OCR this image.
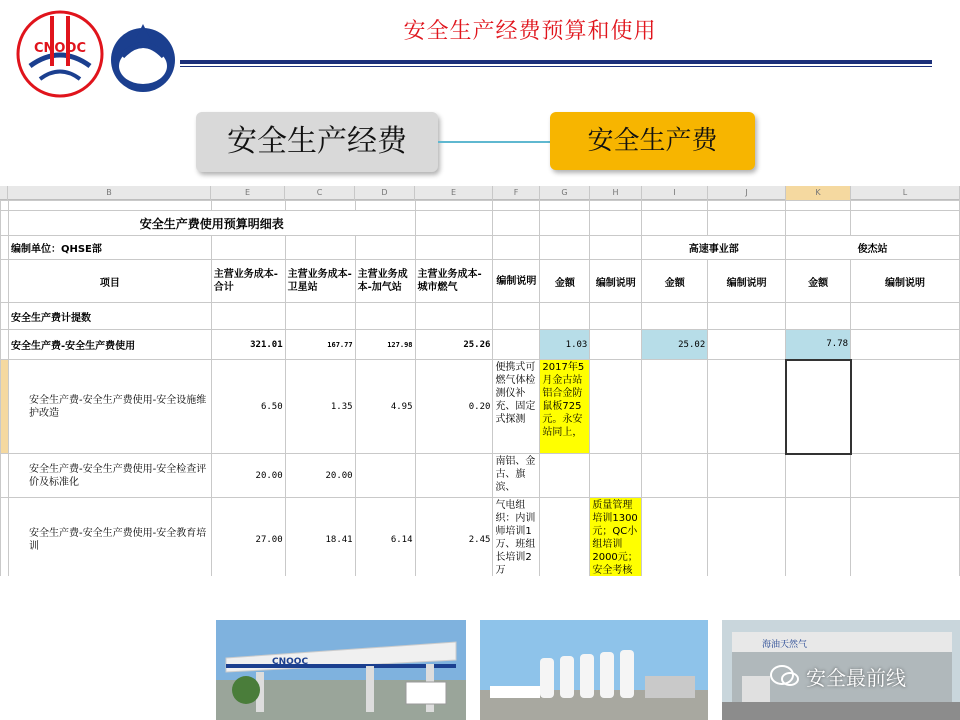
CNOOC
安全生产经费预算和使用
安全生产经费	安全生产费
B	E	C	D	E	F	G	H	I	J	K	L

	安全生产费使用预算明细表											
	编制单位：QHSE部								高速事业部		俊杰站	
	项目	主营业务成本-合计	主营业务成本-卫星站	主营业务成本-加气站	主营业务成本-城市燃气	编制说明	金额	编制说明	金额	编制说明	金额	编制说明
	安全生产费计提数											
	安全生产费-安全生产费使用	321.01	167.77	127.98	25.26		1.03		25.02		7.78	
	安全生产费-安全生产费使用-安全设施维护改造	6.50	1.35	4.95	0.20	便携式可燃气体检测仪补充、固定式探测	2017年5月金古站铝合金防鼠板725元。永安站同上，					
	安全生产费-安全生产费使用-安全检查评价及标准化	20.00	20.00			南铝、金古、旗滨、						
	安全生产费-安全生产费使用-安全教育培训	27.00	18.41	6.14	2.45	气电组织：内训师培训1万、班组长培训2万		质量管理培训1300元；QC小组培训2000元；安全考核				
CNOOC
海油天然气
安全最前线
